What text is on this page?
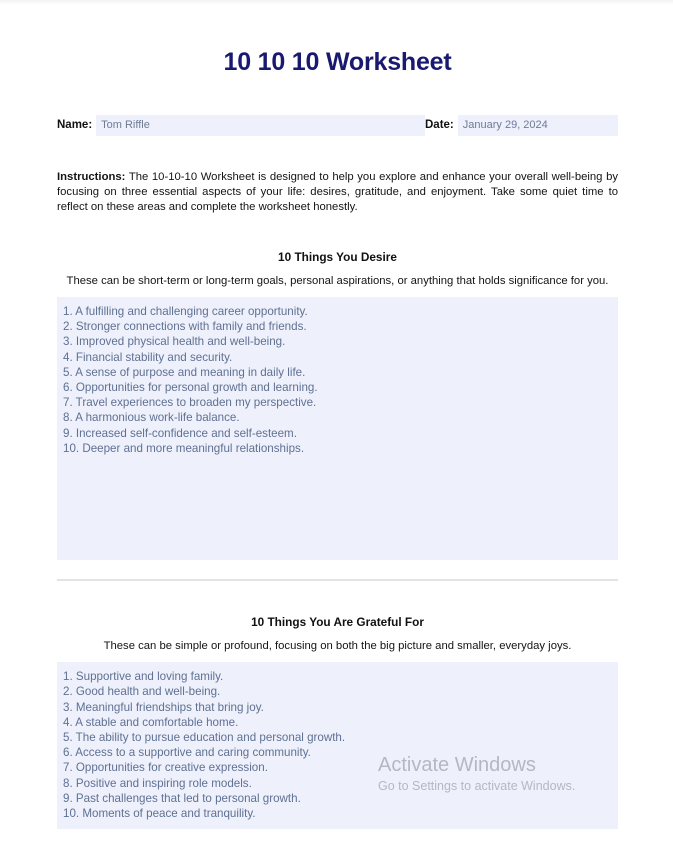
10 10 10 Worksheet
Name: Tom Riffle	Date: January 29, 2024

Instructions: The 10-10-10 Worksheet is designed to help you explore and enhance your overall well-being by focusing on three essential aspects of your life: desires, gratitude, and enjoyment. Take some quiet time to reflect on these areas and complete the worksheet honestly.

10 Things You Desire
These can be short-term or long-term goals, personal aspirations, or anything that holds significance for you.
1. A fulfilling and challenging career opportunity.
2. Stronger connections with family and friends.
3. Improved physical health and well-being.
4. Financial stability and security.
5. A sense of purpose and meaning in daily life.
6. Opportunities for personal growth and learning.
7. Travel experiences to broaden my perspective.
8. A harmonious work-life balance.
9. Increased self-confidence and self-esteem.
10. Deeper and more meaningful relationships.
10 Things You Are Grateful For
These can be simple or profound, focusing on both the big picture and smaller, everyday joys.
1. Supportive and loving family.
2. Good health and well-being.
3. Meaningful friendships that bring joy.
4. A stable and comfortable home.
5. The ability to pursue education and personal growth.
6. Access to a supportive and caring community.
7. Opportunities for creative expression.
8. Positive and inspiring role models.
9. Past challenges that led to personal growth.
10. Moments of peace and tranquility.
Activate Windows
Go to Settings to activate Windows.
